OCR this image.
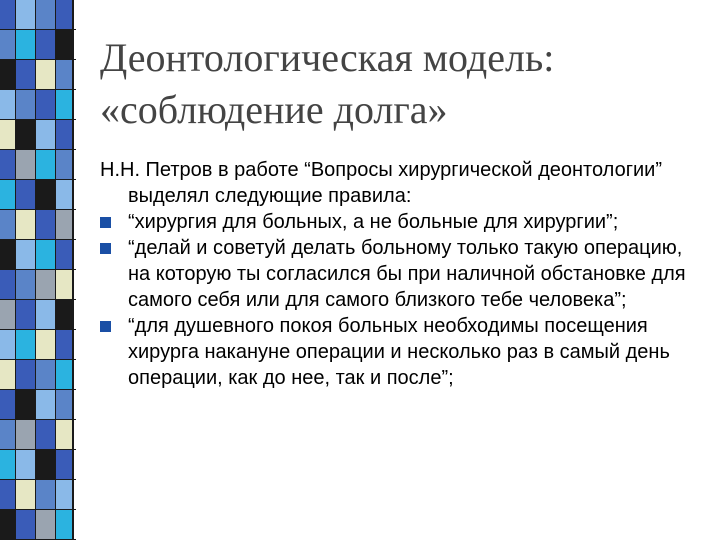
Деонтологическая модель:
«соблюдение долга»
Н.Н. Петров в работе “Вопросы хирургической деонтологии” выделял следующие правила:
“хирургия для больных, а не больные для хирургии”;
“делай и советуй делать больному только такую операцию, на которую ты согласился бы при наличной обстановке для самого себя или для самого близкого тебе человека”;
“для душевного покоя больных необходимы посещения хирурга накануне операции и несколько раз в самый день операции, как до нее, так и после”;
